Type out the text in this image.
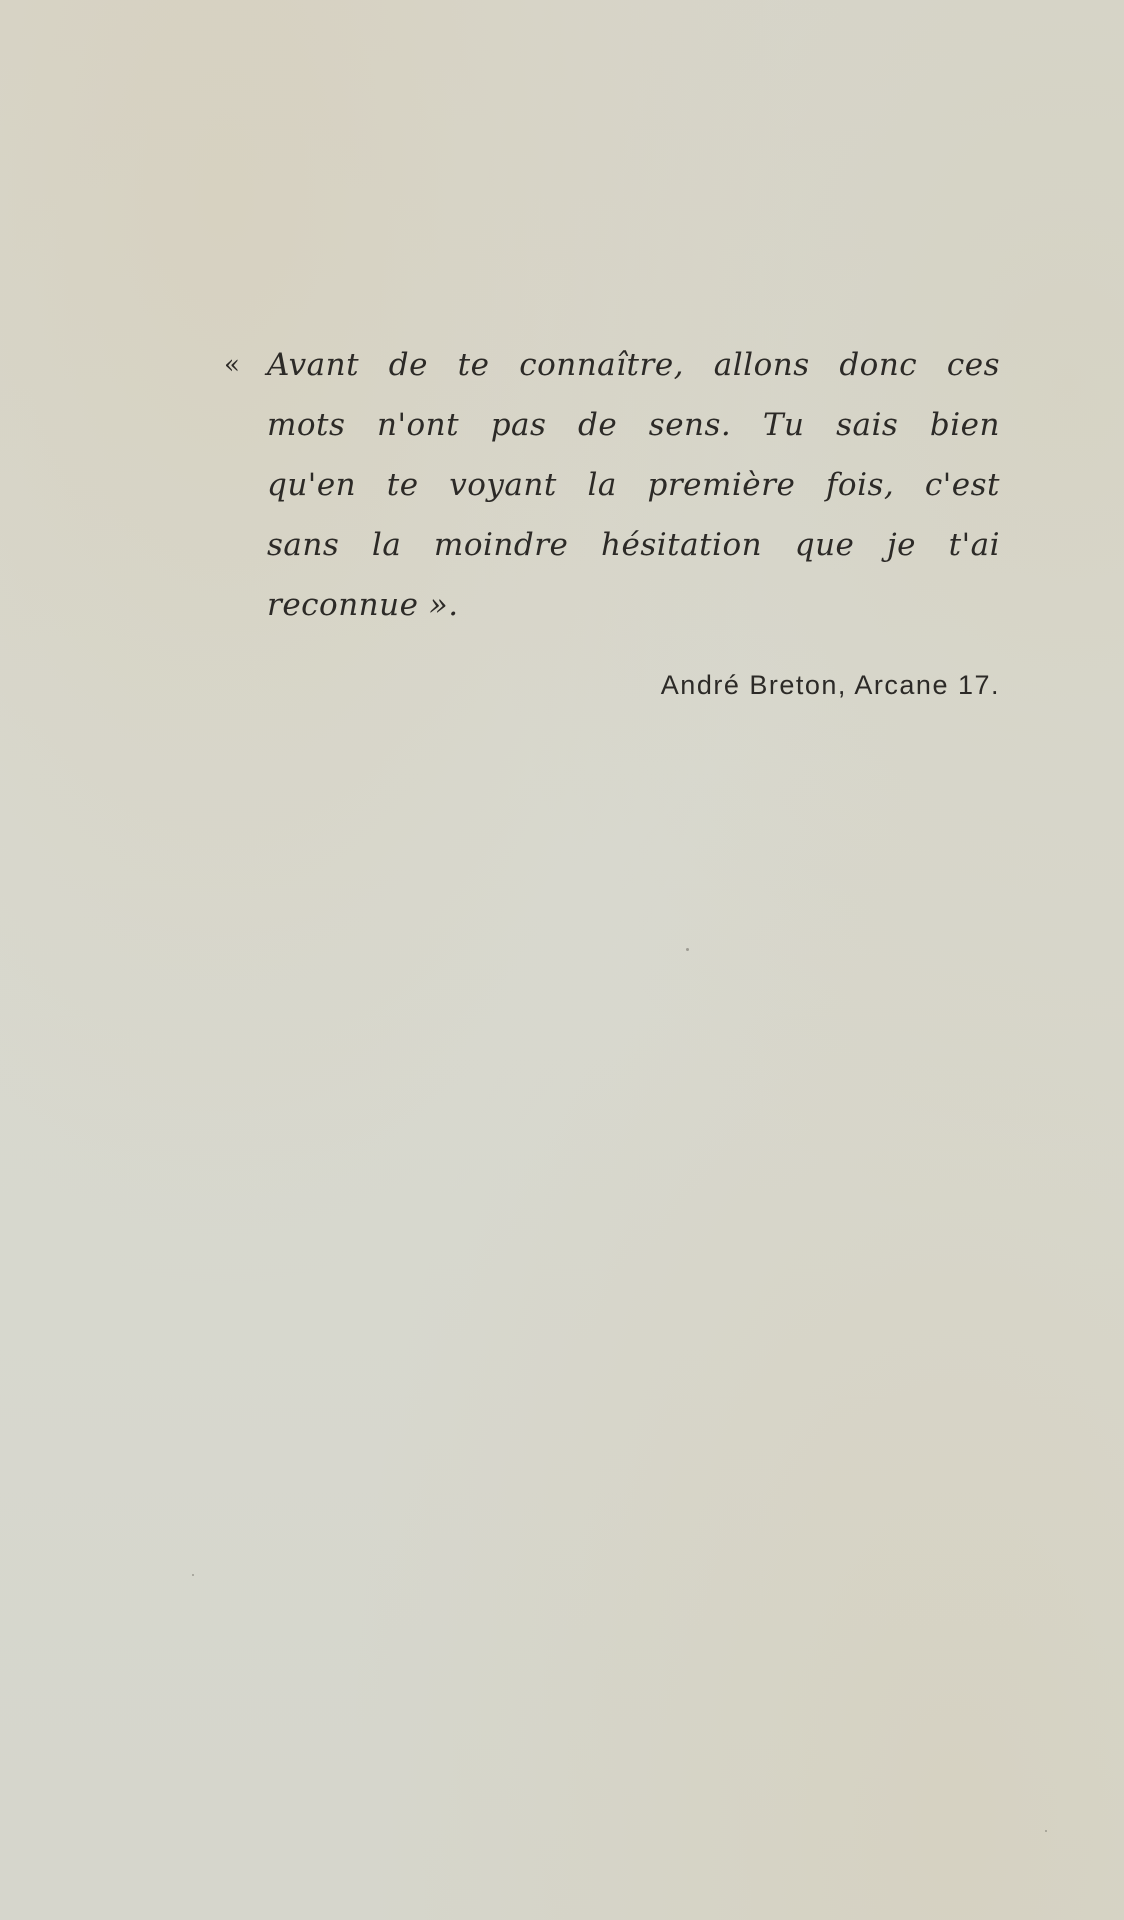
« Avant de te connaître, allons donc ces
mots n'ont pas de sens. Tu sais bien
qu'en te voyant la première fois, c'est
sans la moindre hésitation que je t'ai
reconnue ».
André Breton, Arcane 17.
